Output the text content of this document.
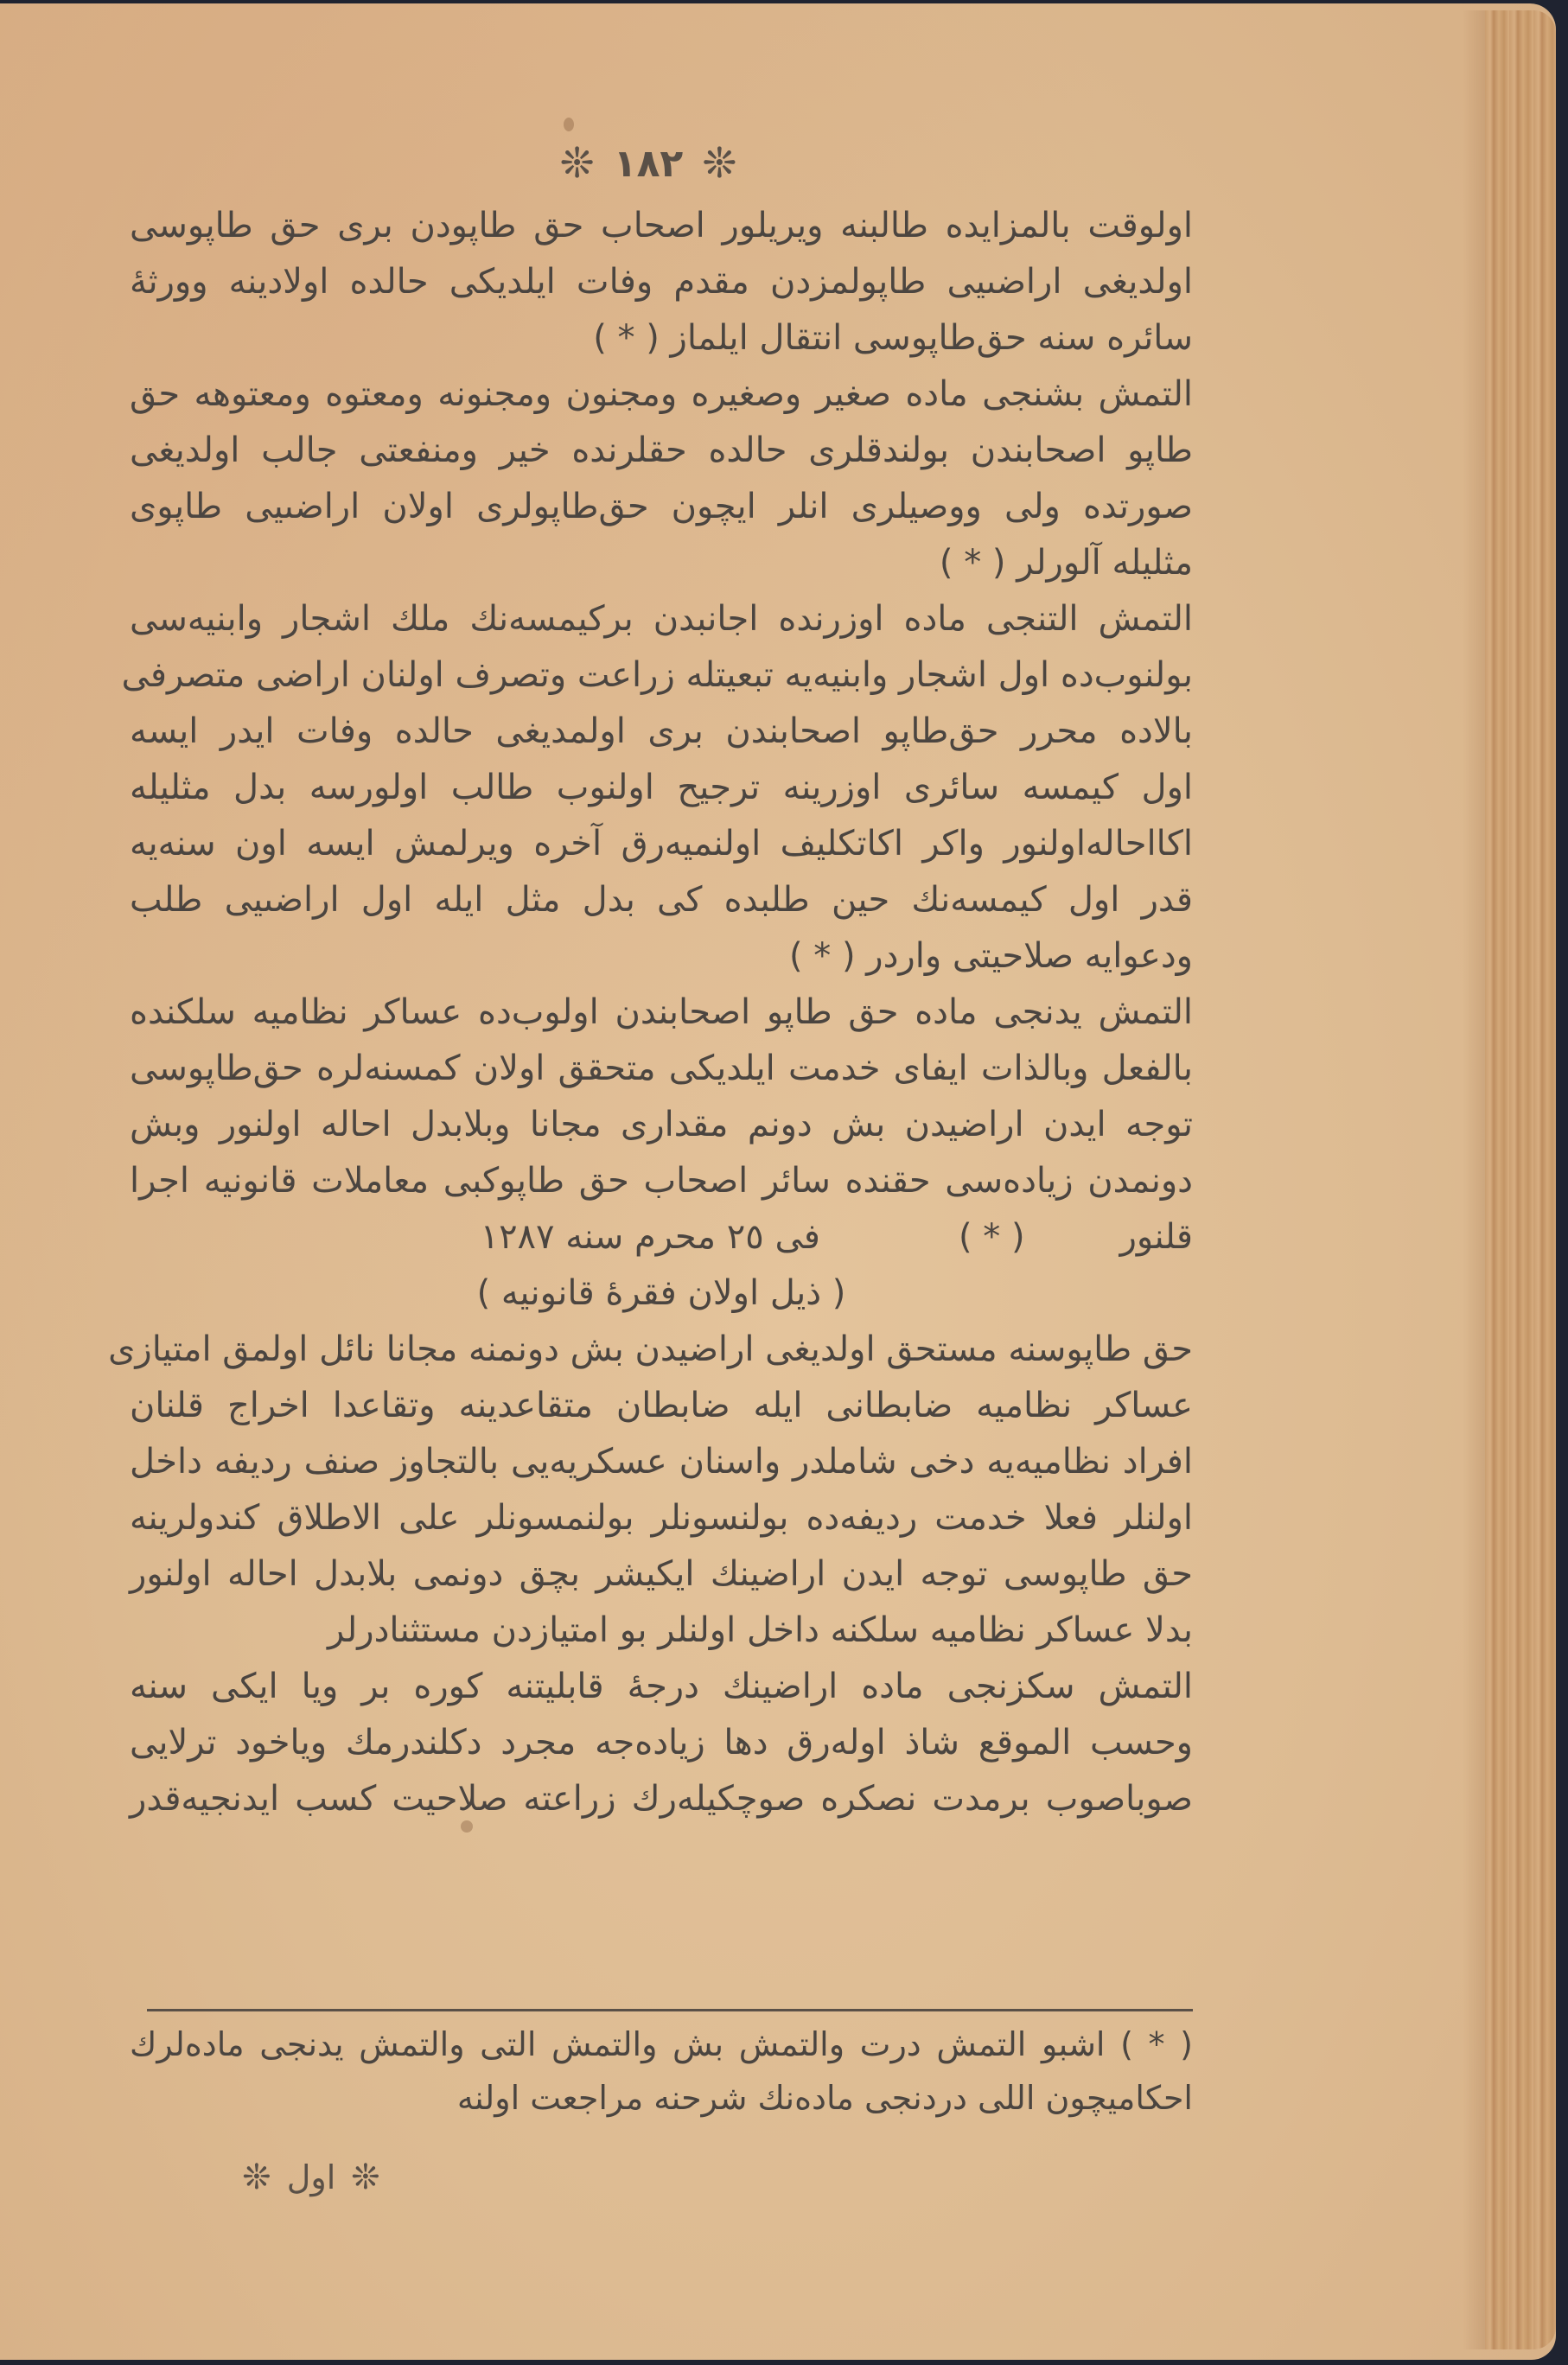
❊ ١٨٢ ❊
اولوقت بالمزايده طالبنه ويريلور اصحاب حق طاپودن برى حق طاپوسى
اولديغى اراضىيى طاپولمزدن مقدم وفات ايلديكى حالده اولادينه وورثهٔ
سائره سنه حق‌طاپوسى انتقال ايلماز ( * )
التمش بشنجى ماده صغير وصغيره ومجنون ومجنونه ومعتوه ومعتوهه حق
طاپو اصحابندن بولندقلرى حالده حقلرنده خير ومنفعتى جالب اولديغى
صورتده ولى ووصيلرى انلر ايچون حق‌طاپولرى اولان اراضىيى طاپوى
مثليله آلورلر ( * )
التمش التنجى ماده اوزرنده اجانبدن بركيمسه‌نك ملك اشجار وابنيه‌سى
بولنوب‌ده اول اشجار وابنيه‌يه تبعيتله زراعت وتصرف اولنان اراضى متصرفى
بالاده محرر حق‌طاپو اصحابندن برى اولمديغى حالده وفات ايدر ايسه
اول كيمسه سائرى اوزرينه ترجيح اولنوب طالب اولورسه بدل مثليله
اكااحاله‌اولنور واكر اكاتكليف اولنميه‌رق آخره ويرلمش ايسه اون سنه‌يه
قدر اول كيمسه‌نك حين طلبده كى بدل مثل ايله اول اراضىيى طلب
ودعوايه صلاحيتى واردر ( * )
التمش يدنجى ماده حق طاپو اصحابندن اولوب‌ده عساكر نظاميه سلكنده
بالفعل وبالذات ايفاى خدمت ايلديكى متحقق اولان كمسنه‌لره حق‌طاپوسى
توجه ايدن اراضيدن بش دونم مقدارى مجانا وبلابدل احاله اولنور وبش
دونمدن زياده‌سى حقنده سائر اصحاب حق طاپوكبى معاملات قانونيه اجرا
قلنور( * )فى ٢٥ محرم سنه ١٢٨٧
( ذيل اولان فقرهٔ قانونيه )
حق طاپوسنه مستحق اولديغى اراضيدن بش دونمنه مجانا نائل اولمق امتيازى
عساكر نظاميه ضابطانى ايله ضابطان متقاعدينه وتقاعدا اخراج قلنان
افراد نظاميه‌يه دخى شاملدر واسنان عسكريه‌يى بالتجاوز صنف رديفه داخل
اولنلر فعلا خدمت رديفه‌ده بولنسونلر بولنمسونلر على الاطلاق كندولرينه
حق طاپوسى توجه ايدن اراضينك ايكيشر بچق دونمى بلابدل احاله اولنور
بدلا عساكر نظاميه سلكنه داخل اولنلر بو امتيازدن مستثنادرلر
التمش سكزنجى ماده اراضينك درجهٔ قابليتنه كوره بر ويا ايكى سنه
وحسب الموقع شاذ اوله‌رق دها زياده‌جه مجرد دكلندرمك وياخود ترلايى
صوباصوب برمدت نصكره صوچكيله‌رك زراعته صلاحيت كسب ايدنجيه‌قدر
( * ) اشبو التمش درت والتمش بش والتمش التى والتمش يدنجى ماده‌لرك
احكاميچون اللى دردنجى ماده‌نك شرحنه مراجعت اولنه
❊ اول ❊
